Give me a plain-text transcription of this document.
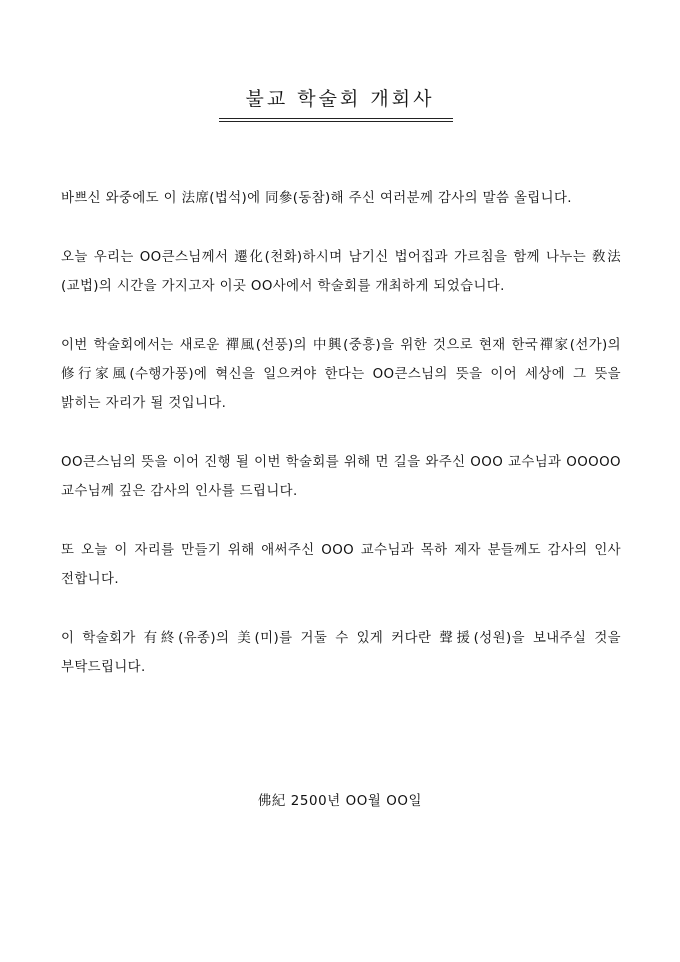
불교 학술회 개회사

바쁘신 와중에도 이 法席(법석)에 同參(동참)해 주신 여러분께 감사의 말씀 올립니다.

오늘 우리는 OO큰스님께서 遷化(천화)하시며 남기신 법어집과 가르침을 함께 나누는 敎法(교법)의 시간을 가지고자 이곳 OO사에서 학술회를 개최하게 되었습니다.

이번 학술회에서는 새로운 禪風(선풍)의 中興(중흥)을 위한 것으로 현재 한국禪家(선가)의 修行家風(수행가풍)에 혁신을 일으켜야 한다는 OO큰스님의 뜻을 이어 세상에 그 뜻을 밝히는 자리가 될 것입니다.

OO큰스님의 뜻을 이어 진행 될 이번 학술회를 위해 먼 길을 와주신 OOO 교수님과 OOOOO 교수님께 깊은 감사의 인사를 드립니다.

또 오늘 이 자리를 만들기 위해 애써주신 OOO 교수님과 목하 제자 분들께도 감사의 인사 전합니다.

이 학술회가 有終(유종)의 美(미)를 거둘 수 있게 커다란 聲援(성원)을 보내주실 것을 부탁드립니다.

佛紀 2500년 OO월 OO일
